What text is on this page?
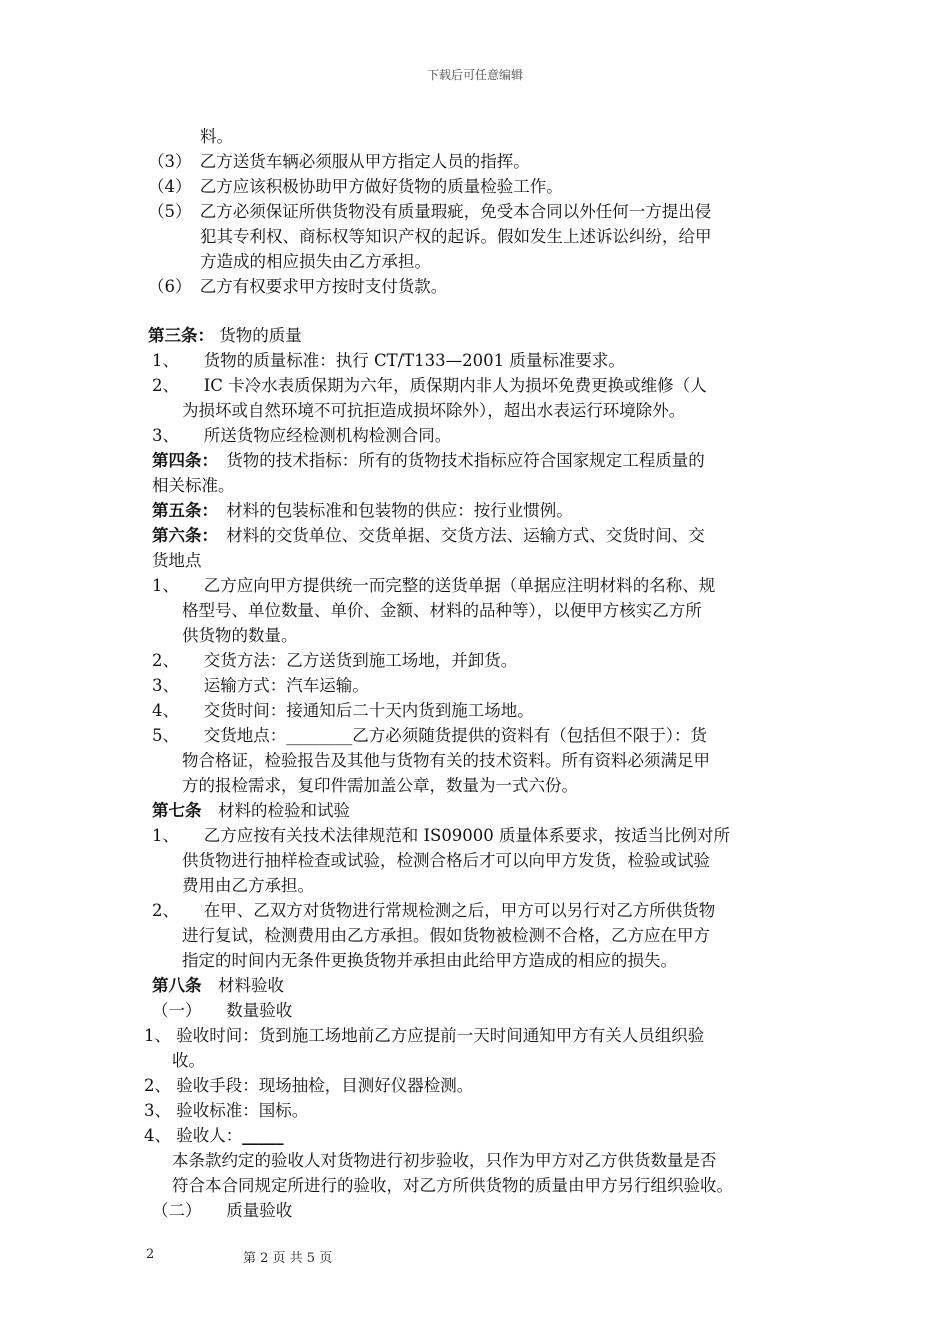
下载后可任意编辑
料。
（3）　乙方送货车辆必须服从甲方指定人员的指挥。
（4）　乙方应该积极协助甲方做好货物的质量检验工作。
（5）　乙方必须保证所供货物没有质量瑕疵，免受本合同以外任何一方提出侵
犯其专利权、商标权等知识产权的起诉。假如发生上述诉讼纠纷，给甲
方造成的相应损失由乙方承担。
（6）　乙方有权要求甲方按时支付货款。
第三条： 货物的质量
1、　　货物的质量标准：执行 CT/T133—2001 质量标准要求。
2、　　IC 卡冷水表质保期为六年，质保期内非人为损坏免费更换或维修（人
为损坏或自然环境不可抗拒造成损坏除外），超出水表运行环境除外。
3、　　所送货物应经检测机构检测合同。
第四条：　货物的技术指标：所有的货物技术指标应符合国家规定工程质量的
相关标准。
第五条：　材料的包装标准和包装物的供应：按行业惯例。
第六条：　材料的交货单位、交货单据、交货方法、运输方式、交货时间、交
货地点
1、　　乙方应向甲方提供统一而完整的送货单据（单据应注明材料的名称、规
格型号、单位数量、单价、金额、材料的品种等），以便甲方核实乙方所
供货物的数量。
2、　　交货方法：乙方送货到施工场地，并卸货。
3、　　运输方式：汽车运输。
4、　　交货时间：接通知后二十天内货到施工场地。
5、　　交货地点：________乙方必须随货提供的资料有（包括但不限于）：货
物合格证，检验报告及其他与货物有关的技术资料。所有资料必须满足甲
方的报检需求，复印件需加盖公章，数量为一式六份。
第七条　材料的检验和试验
1、　　乙方应按有关技术法律规范和 IS09000 质量体系要求，按适当比例对所
供货物进行抽样检查或试验，检测合格后才可以向甲方发货，检验或试验
费用由乙方承担。
2、　　在甲、乙双方对货物进行常规检测之后，甲方可以另行对乙方所供货物
进行复试，检测费用由乙方承担。假如货物被检测不合格，乙方应在甲方
指定的时间内无条件更换货物并承担由此给甲方造成的相应的损失。
第八条　材料验收
（一）　　数量验收
1、 验收时间：货到施工场地前乙方应提前一天时间通知甲方有关人员组织验
收。
2、 验收手段：现场抽检，目测好仪器检测。
3、 验收标准：国标。
4、 验收人：_____
本条款约定的验收人对货物进行初步验收，只作为甲方对乙方供货数量是否
符合本合同规定所进行的验收，对乙方所供货物的质量由甲方另行组织验收。
（二）　　质量验收
2	第 2 页 共 5 页
